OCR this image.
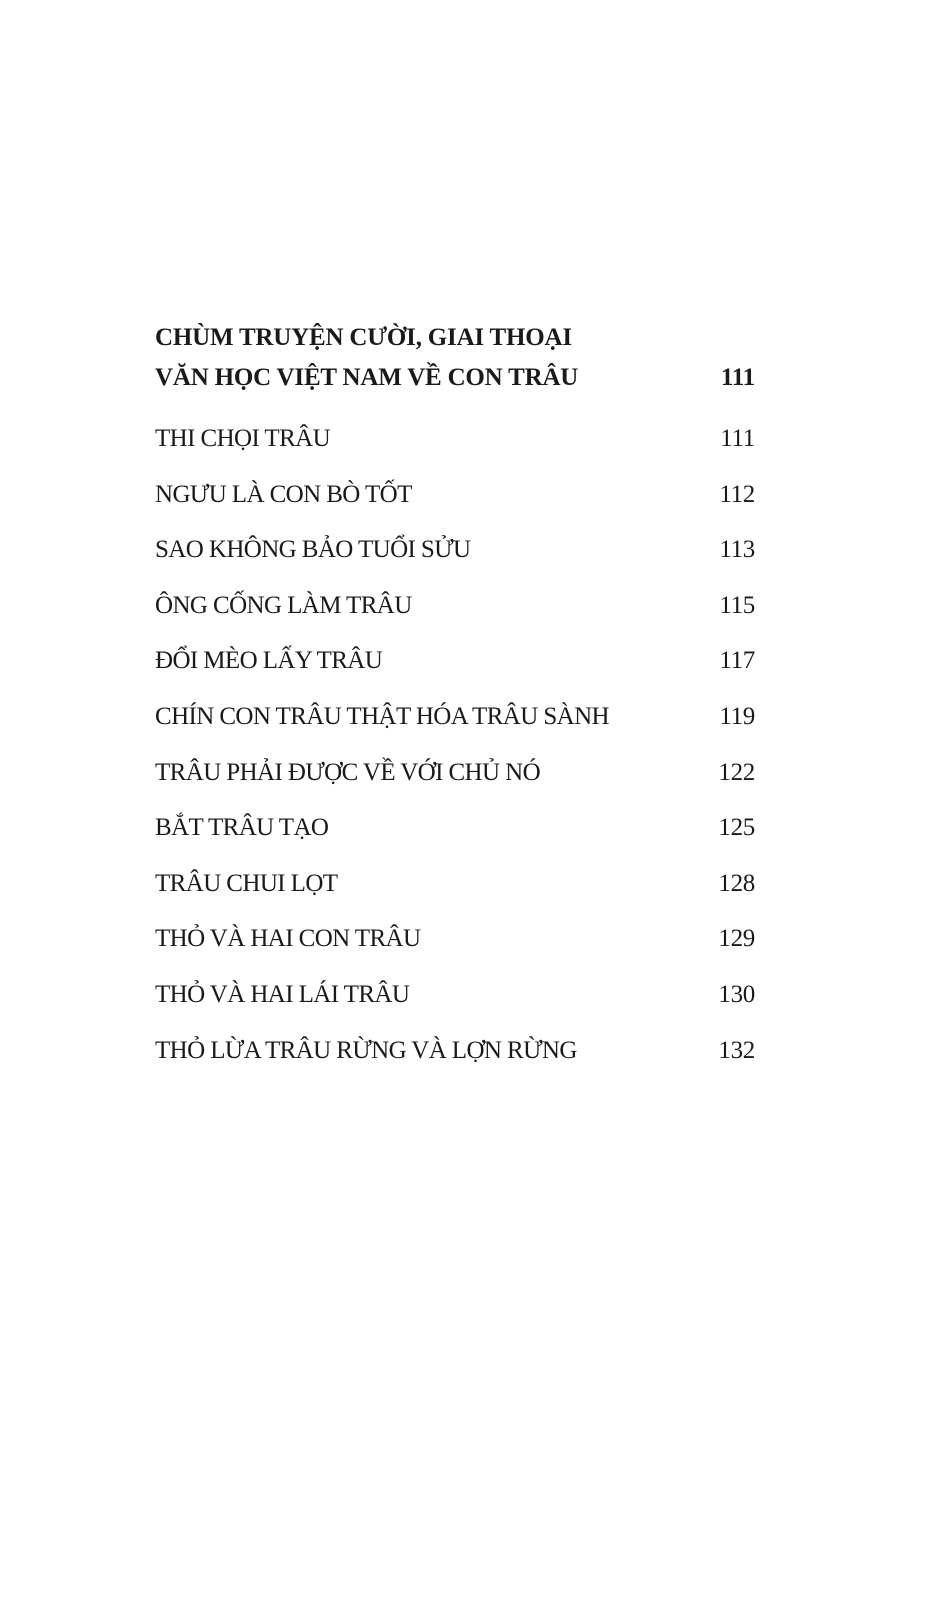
CHÙM TRUYỆN CƯỜI, GIAI THOẠI
VĂN HỌC VIỆT NAM VỀ CON TRÂU	111
THI CHỌI TRÂU	111
NGƯU LÀ CON BÒ TỐT	112
SAO KHÔNG BẢO TUỔI SỬU	113
ÔNG CỐNG LÀM TRÂU	115
ĐỔI MÈO LẤY TRÂU	117
CHÍN CON TRÂU THẬT HÓA TRÂU SÀNH	119
TRÂU PHẢI ĐƯỢC VỀ VỚI CHỦ NÓ	122
BẮT TRÂU TẠO	125
TRÂU CHUI LỌT	128
THỎ VÀ HAI CON TRÂU	129
THỎ VÀ HAI LÁI TRÂU	130
THỎ LỪA TRÂU RỪNG VÀ LỢN RỪNG	132
